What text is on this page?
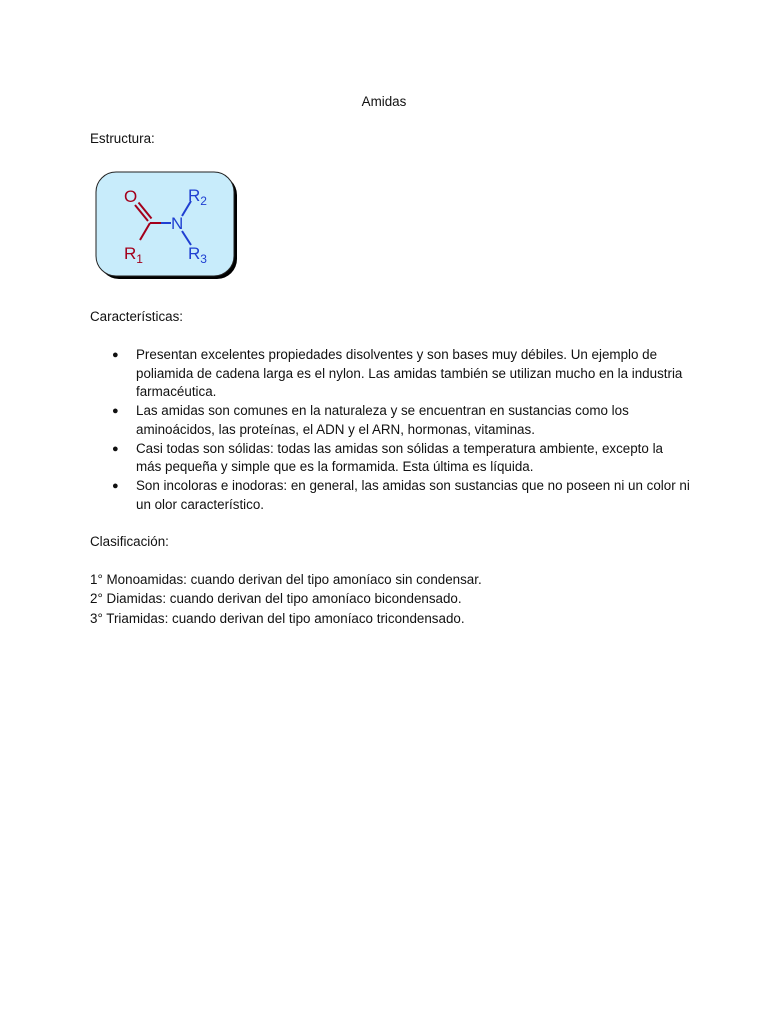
Amidas
Estructura:
O
N
$R_1$
$R_2$
$R_3$
Características:
● Presentan excelentes propiedades disolventes y son bases muy débiles. Un ejemplo de poliamida de cadena larga es el nylon. Las amidas también se utilizan mucho en la industria farmacéutica.
● Las amidas son comunes en la naturaleza y se encuentran en sustancias como los aminoácidos, las proteínas, el ADN y el ARN, hormonas, vitaminas.
● Casi todas son sólidas: todas las amidas son sólidas a temperatura ambiente, excepto la más pequeña y simple que es la formamida. Esta última es líquida.
● Son incoloras e inodoras: en general, las amidas son sustancias que no poseen ni un color ni un olor característico.
Clasificación:
1° Monoamidas: cuando derivan del tipo amoníaco sin condensar.
2° Diamidas: cuando derivan del tipo amoníaco bicondensado.
3° Triamidas: cuando derivan del tipo amoníaco tricondensado.
